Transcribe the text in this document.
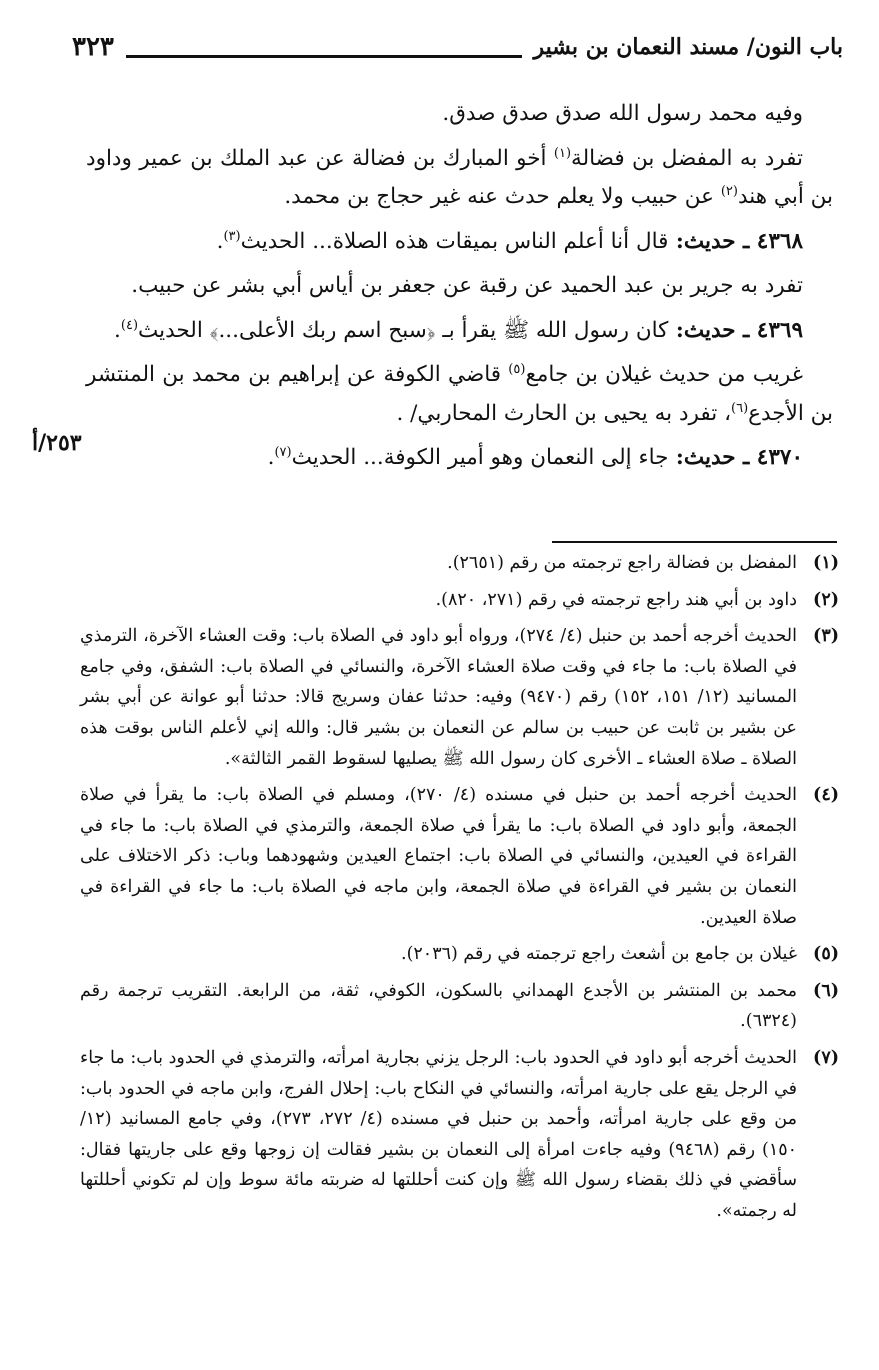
باب النون/ مسند النعمان بن بشير
٣٢٣

وفيه محمد رسول الله صدق صدق صدق.

تفرد به المفضل بن فضالة$^{(١)}$ أخو المبارك بن فضالة عن عبد الملك بن عمير وداود بن أبي هند$^{(٢)}$ عن حبيب ولا يعلم حدث عنه غير حجاج بن محمد.

٤٣٦٨ ـ حديث: قال أنا أعلم الناس بميقات هذه الصلاة... الحديث$^{(٣)}$.

تفرد به جرير بن عبد الحميد عن رقبة عن جعفر بن أياس أبي بشر عن حبيب.

٤٣٦٩ ـ حديث: كان رسول الله ﷺ يقرأ بـ ﴿سبح اسم ربك الأعلى...﴾ الحديث$^{(٤)}$.

غريب من حديث غيلان بن جامع$^{(٥)}$ قاضي الكوفة عن إبراهيم بن محمد بن المنتشر بن الأجدع$^{(٦)}$، تفرد به يحيى بن الحارث المحاربي/ .

٤٣٧٠ ـ حديث: جاء إلى النعمان وهو أمير الكوفة... الحديث$^{(٧)}$.

٢٥٣/أ
(١)
المفضل بن فضالة راجع ترجمته من رقم (٢٦٥١).
(٢)
داود بن أبي هند راجع ترجمته في رقم (٢٧١، ٨٢٠).
(٣)
الحديث أخرجه أحمد بن حنبل (٤/ ٢٧٤)، ورواه أبو داود في الصلاة باب: وقت العشاء الآخرة، الترمذي في الصلاة باب: ما جاء في وقت صلاة العشاء الآخرة، والنسائي في الصلاة باب: الشفق، وفي جامع المسانيد (١٢/ ١٥١، ١٥٢) رقم (٩٤٧٠) وفيه: حدثنا عفان وسريج قالا: حدثنا أبو عوانة عن أبي بشر عن بشير بن ثابت عن حبيب بن سالم عن النعمان بن بشير قال: والله إني لأعلم الناس بوقت هذه الصلاة ـ صلاة العشاء ـ الأخرى كان رسول الله ﷺ يصليها لسقوط القمر الثالثة».
(٤)
الحديث أخرجه أحمد بن حنبل في مسنده (٤/ ٢٧٠)، ومسلم في الصلاة باب: ما يقرأ في صلاة الجمعة، وأبو داود في الصلاة باب: ما يقرأ في صلاة الجمعة، والترمذي في الصلاة باب: ما جاء في القراءة في العيدين، والنسائي في الصلاة باب: اجتماع العيدين وشهودهما وباب: ذكر الاختلاف على النعمان بن بشير في القراءة في صلاة الجمعة، وابن ماجه في الصلاة باب: ما جاء في القراءة في صلاة العيدين.
(٥)
غيلان بن جامع بن أشعث راجع ترجمته في رقم (٢٠٣٦).
(٦)
محمد بن المنتشر بن الأجدع الهمداني بالسكون، الكوفي، ثقة، من الرابعة. التقريب ترجمة رقم (٦٣٢٤).
(٧)
الحديث أخرجه أبو داود في الحدود باب: الرجل يزني بجارية امرأته، والترمذي في الحدود باب: ما جاء في الرجل يقع على جارية امرأته، والنسائي في النكاح باب: إحلال الفرج، وابن ماجه في الحدود باب: من وقع على جارية امرأته، وأحمد بن حنبل في مسنده (٤/ ٢٧٢، ٢٧٣)، وفي جامع المسانيد (١٢/ ١٥٠) رقم (٩٤٦٨) وفيه جاءت امرأة إلى النعمان بن بشير فقالت إن زوجها وقع على جاريتها فقال: سأقضي في ذلك بقضاء رسول الله ﷺ وإن كنت أحللتها له ضربته مائة سوط وإن لم تكوني أحللتها له رجمته».
